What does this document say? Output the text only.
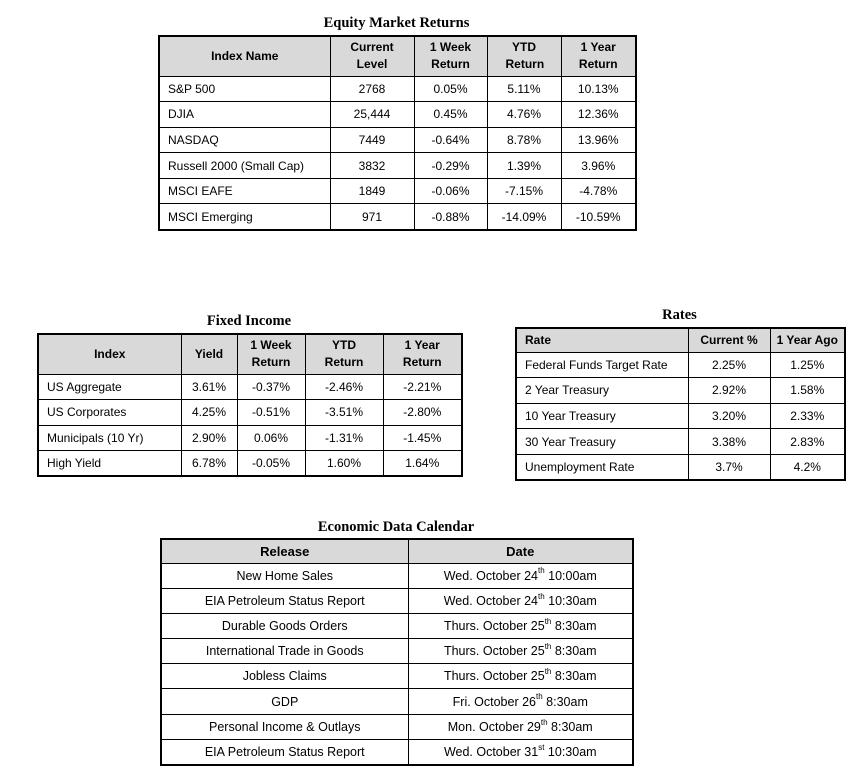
Equity Market Returns
Index Name	Current Level	1 Week Return	YTD Return	1 Year Return
S&P 500	2768	0.05%	5.11%	10.13%
DJIA	25,444	0.45%	4.76%	12.36%
NASDAQ	7449	-0.64%	8.78%	13.96%
Russell 2000 (Small Cap)	3832	-0.29%	1.39%	3.96%
MSCI EAFE	1849	-0.06%	-7.15%	-4.78%
MSCI Emerging	971	-0.88%	-14.09%	-10.59%
Fixed Income
Index	Yield	1 Week Return	YTD Return	1 Year Return
US Aggregate	3.61%	-0.37%	-2.46%	-2.21%
US Corporates	4.25%	-0.51%	-3.51%	-2.80%
Municipals (10 Yr)	2.90%	0.06%	-1.31%	-1.45%
High Yield	6.78%	-0.05%	1.60%	1.64%
Rates
Rate	Current %	1 Year Ago
Federal Funds Target Rate	2.25%	1.25%
2 Year Treasury	2.92%	1.58%
10 Year Treasury	3.20%	2.33%
30 Year Treasury	3.38%	2.83%
Unemployment Rate	3.7%	4.2%
Economic Data Calendar
Release	Date
New Home Sales	Wed. October 24th 10:00am
EIA Petroleum Status Report	Wed. October 24th 10:30am
Durable Goods Orders	Thurs. October 25th 8:30am
International Trade in Goods	Thurs. October 25th 8:30am
Jobless Claims	Thurs. October 25th 8:30am
GDP	Fri. October 26th 8:30am
Personal Income & Outlays	Mon. October 29th 8:30am
EIA Petroleum Status Report	Wed. October 31st 10:30am
